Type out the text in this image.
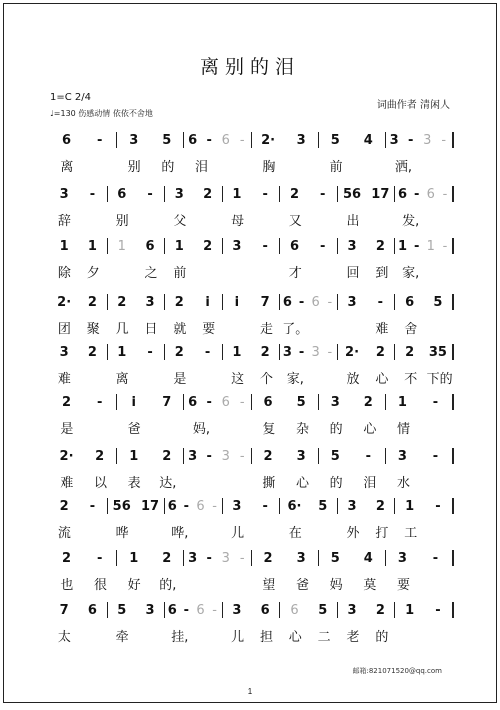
离别的泪
1=C 2/4
♩=130 伤感动情 依依不舍地
词曲作者 清闲人
6	-	3	5	6 - 6 -	2·	3	5	4	3 - 3 -
离	别	的	泪	胸	前	洒,
3	-	6	-	3	2	1	-	2	-	56 17 6 - 6 -
辞	别	父	母	又	出	发,
1	1	1	6	1	2	3	-	6	-	3	2	1 - 1 -
除	夕	之	前	才	回	到	家,
2·	2	2	3	2	i	i	7	6 - 6 -	3	-	6	5
团	聚	几	日	就	要	走 了。	难	舍
3	2	1	-	2	-	1	2	3 - 3 - 2·	2	2	35
难	离	是	这	个	家,	放	心	不 下的
2	-	i	7	6 - 6 -	6	5	3	2	1	-
是	爸	妈,	复	杂	的	心	情
2·	2	1	2	3 - 3 -	2	3	5	-	3	-
难	以	表	达,	撕	心	的	泪	水
2	-	56 17 6 - 6 -	3	-	6·	5	3	2	1	-
流	哗	哗,	儿	在	外	打	工
2	-	1	2	3 - 3 -	2	3	5	4	3	-
也	很	好	的,	望	爸	妈	莫	要
7	6	5	3	6 - 6 -	3	6	6	5	3	2	1	-
太	牵	挂,	儿	担	心	二	老	的
邮箱:821071520@qq.com
1
